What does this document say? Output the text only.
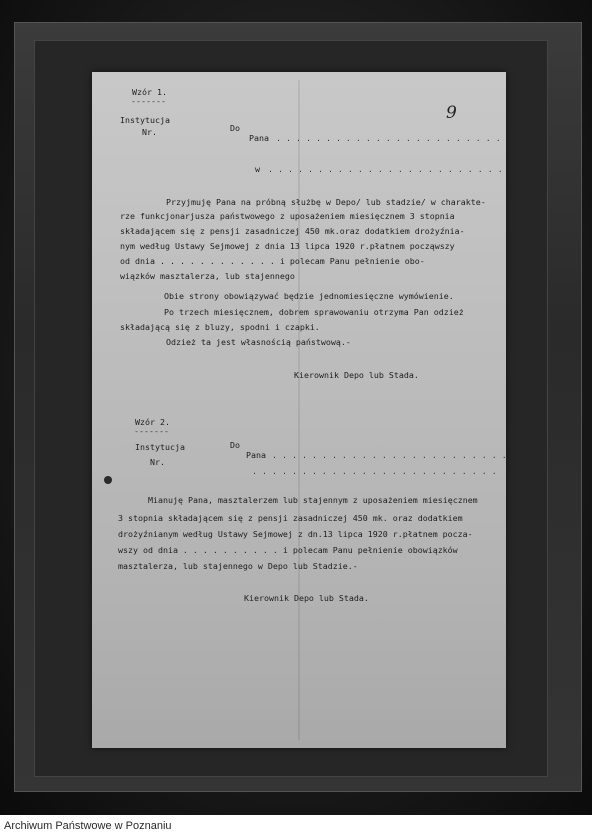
9
Wzór 1.
-------
Instytucja
Nr.	Do
Pana . . . . . . . . . . . . . . . . . . . . . . .
w . . . . . . . . . . . . . . . . . . . . . . . .
Przyjmuję Pana na próbną służbę w Depo/ lub stadzie/ w charakte-
rze funkcjonarjusza państwowego z uposażeniem miesięcznem 3 stopnia
składającem się z pensji zasadniczej 450 mk.oraz dodatkiem drożyźnia-
nym według Ustawy Sejmowej z dnia 13 lipca 1920 r.płatnem począwszy
od dnia . . . . . . . . . . . . i polecam Panu pełnienie obo-
wiązków masztalerza, lub stajennego
Obie strony obowiązywać będzie jednomiesięczne wymówienie.
Po trzech miesięcznem, dobrem sprawowaniu otrzyma Pan odzież
składającą się z bluzy, spodni i czapki.
Odzież ta jest własnością państwową.-
Kierownik Depo lub Stada.
Wzór 2.
-------
Instytucja
Nr.
Do
Pana . . . . . . . . . . . . . . . . . . . . . . . .
. . . . . . . . . . . . . . . . . . . . . . . . .
Mianuję Pana, masztalerzem lub stajennym z uposażeniem miesięcznem
3 stopnia składającem się z pensji zasadniczej 450 mk. oraz dodatkiem
drożyźnianym według Ustawy Sejmowej z dn.13 lipca 1920 r.płatnem pocza-
wszy od dnia . . . . . . . . . . i polecam Panu pełnienie obowiązków
masztalerza, lub stajennego w Depo lub Stadzie.-
Kierownik Depo lub Stada.
Archiwum Państwowe w Poznaniu
